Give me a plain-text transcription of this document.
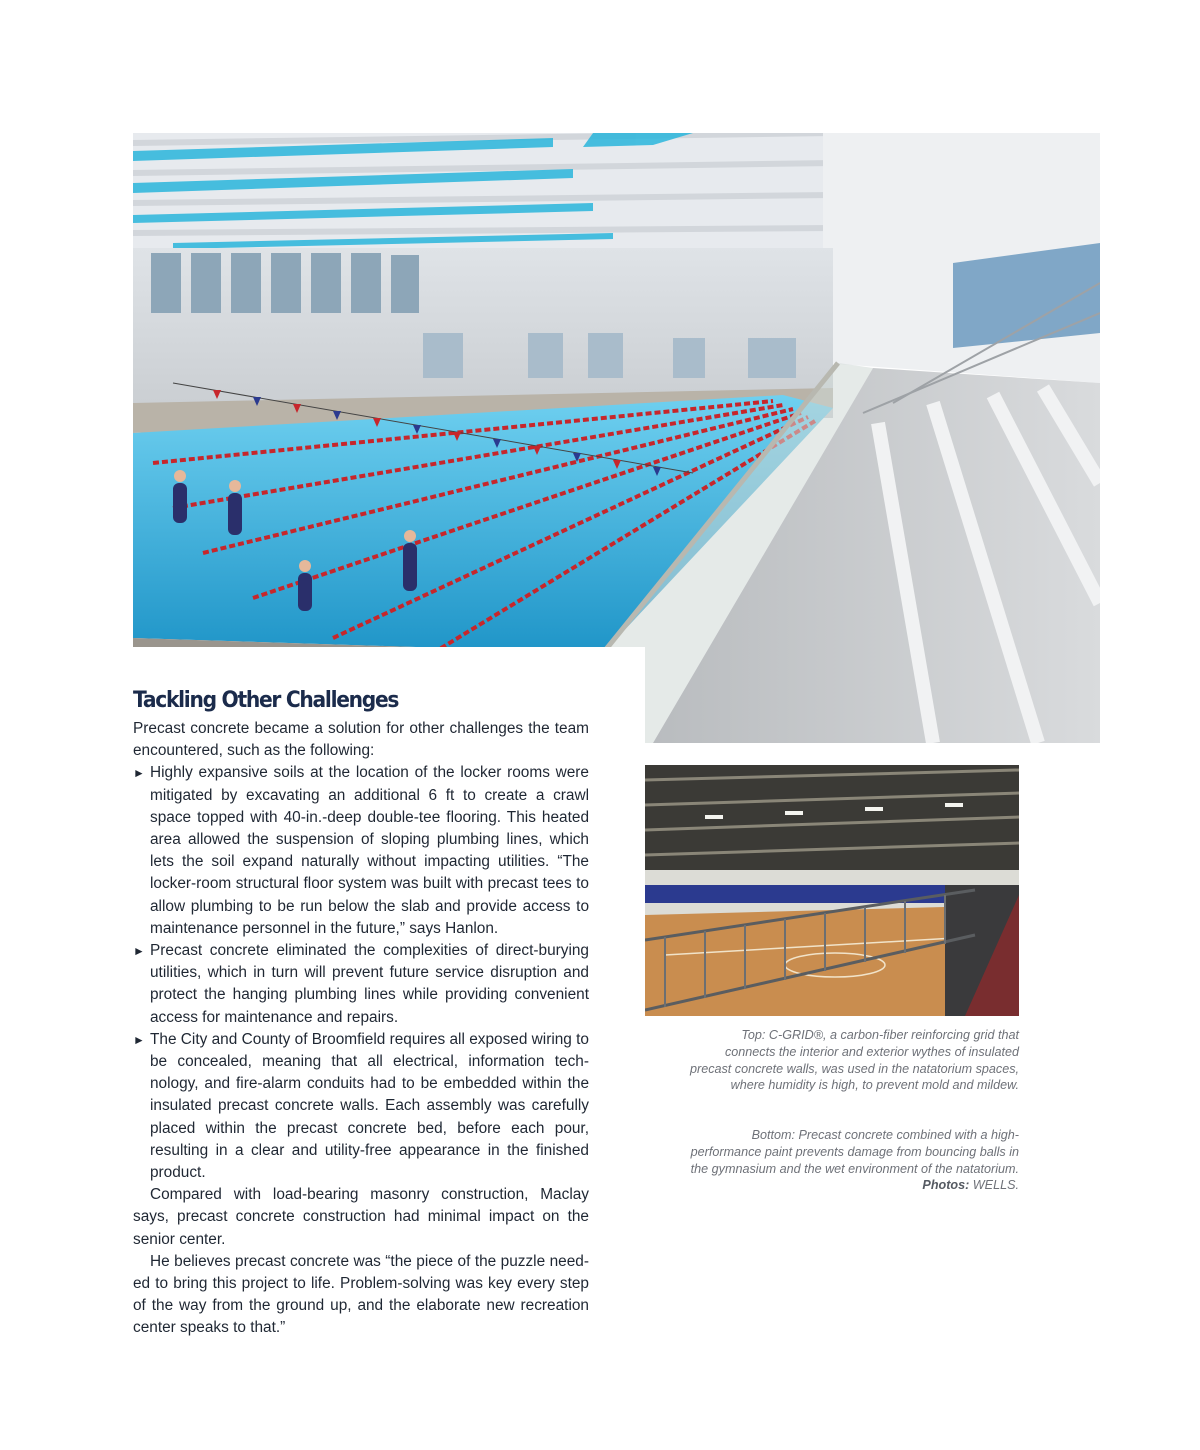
Tackling Other Challenges

Precast concrete became a solution for other challenges the team encountered, such as the following:

► Highly expansive soils at the location of the locker rooms were mitigated by excavating an additional 6 ft to create a crawl space topped with 40-in.-deep double-tee flooring. This heated area allowed the suspension of sloping plumbing lines, which lets the soil expand naturally without impacting utilities. “The locker-room structural floor system was built with precast tees to allow plumbing to be run below the slab and provide access to maintenance personnel in the future,” says Hanlon.
► Precast concrete eliminated the complexities of direct-burying utilities, which in turn will prevent future service disruption and protect the hanging plumbing lines while providing convenient access for maintenance and repairs.
► The City and County of Broomfield requires all exposed wiring to be concealed, meaning that all electrical, information technology, and fire-alarm conduits had to be embedded within the insulated precast concrete walls. Each assembly was carefully placed within the precast concrete bed, before each pour, resulting in a clear and utility-free appearance in the finished product.

Compared with load-bearing masonry construction, Maclay says, precast concrete construction had minimal impact on the senior center.

He believes precast concrete was “the piece of the puzzle needed to bring this project to life. Problem-solving was key every step of the way from the ground up, and the elaborate new recreation center speaks to that.”

Top: C-GRID®, a carbon-fiber reinforcing grid that connects the interior and exterior wythes of insulated precast concrete walls, was used in the natatorium spaces, where humidity is high, to prevent mold and mildew.

Bottom: Precast concrete combined with a high-performance paint prevents damage from bouncing balls in the gymnasium and the wet environment of the natatorium.
Photos: WELLS.
